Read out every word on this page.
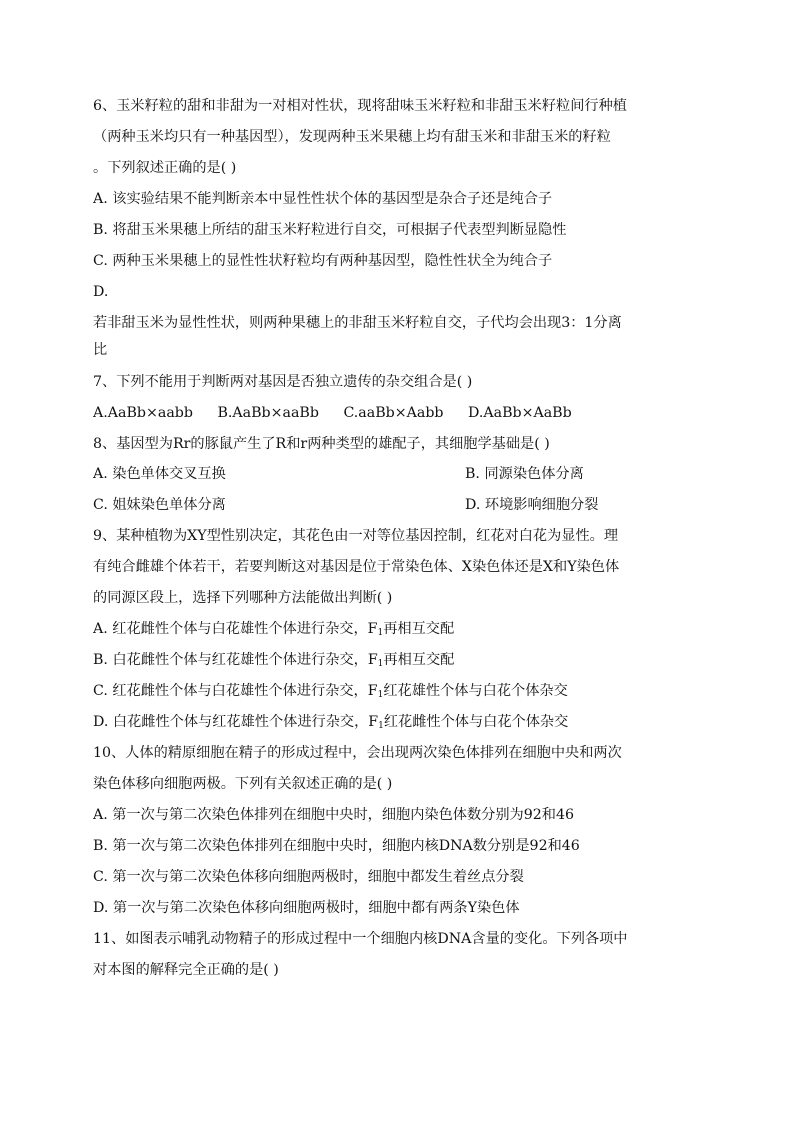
6、玉米籽粒的甜和非甜为一对相对性状，现将甜味玉米籽粒和非甜玉米籽粒间行种植
（两种玉米均只有一种基因型），发现两种玉米果穗上均有甜玉米和非甜玉米的籽粒
。下列叙述正确的是( )
A. 该实验结果不能判断亲本中显性性状个体的基因型是杂合子还是纯合子
B. 将甜玉米果穗上所结的甜玉米籽粒进行自交，可根据子代表型判断显隐性
C. 两种玉米果穗上的显性性状籽粒均有两种基因型，隐性性状全为纯合子
D.
若非甜玉米为显性性状，则两种果穗上的非甜玉米籽粒自交，子代均会出现3：1分离
比
7、下列不能用于判断两对基因是否独立遗传的杂交组合是( )
A.AaBb×aabb B.AaBb×aaBb C.aaBb×Aabb D.AaBb×AaBb
8、基因型为Rr的豚鼠产生了R和r两种类型的雄配子，其细胞学基础是( )
A. 染色单体交叉互换	B. 同源染色体分离
C. 姐妹染色单体分离	D. 环境影响细胞分裂
9、某种植物为XY型性别决定，其花色由一对等位基因控制，红花对白花为显性。理
有纯合雌雄个体若干，若要判断这对基因是位于常染色体、X染色体还是X和Y染色体
的同源区段上，选择下列哪种方法能做出判断( )
A. 红花雌性个体与白花雄性个体进行杂交，$F_1$再相互交配
B. 白花雌性个体与红花雄性个体进行杂交，$F_1$再相互交配
C. 红花雌性个体与白花雄性个体进行杂交，$F_1$红花雄性个体与白花个体杂交
D. 白花雌性个体与红花雄性个体进行杂交，$F_1$红花雌性个体与白花个体杂交
10、人体的精原细胞在精子的形成过程中，会出现两次染色体排列在细胞中央和两次
染色体移向细胞两极。下列有关叙述正确的是( )
A. 第一次与第二次染色体排列在细胞中央时，细胞内染色体数分别为92和46
B. 第一次与第二次染色体排列在细胞中央时，细胞内核DNA数分别是92和46
C. 第一次与第二次染色体移向细胞两极时，细胞中都发生着丝点分裂
D. 第一次与第二次染色体移向细胞两极时，细胞中都有两条Y染色体
11、如图表示哺乳动物精子的形成过程中一个细胞内核DNA含量的变化。下列各项中
对本图的解释完全正确的是( )
